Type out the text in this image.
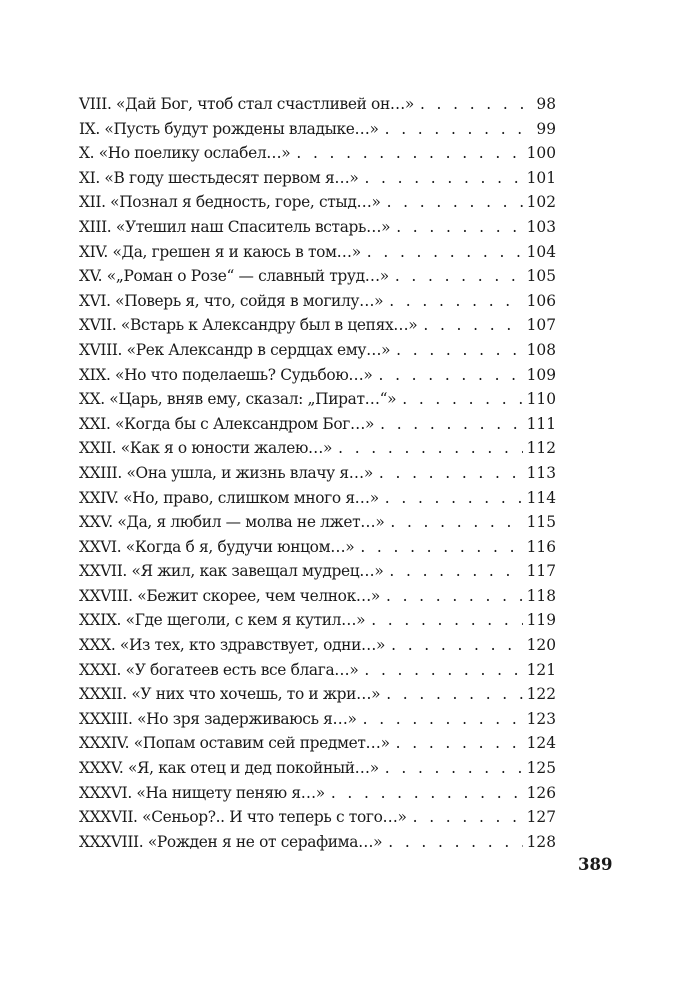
VIII. «Дай Бог, чтоб стал счастливей он…» . . .	98
IX. «Пусть будут рождены владыке…» . . .	99
X. «Но поелику ослабел…» . . .	100
XI. «В году шестьдесят первом я…» . . .	101
XII. «Познал я бедность, горе, стыд…» . . .	102
XIII. «Утешил наш Спаситель встарь…» . . .	103
XIV. «Да, грешен я и каюсь в том…» . . .	104
XV. «„Роман о Розе“ — славный труд…» . . .	105
XVI. «Поверь я, что, сойдя в могилу…» . . .	106
XVII. «Встарь к Александру был в цепях…» . . .	107
XVIII. «Рек Александр в сердцах ему…» . . .	108
XIX. «Но что поделаешь? Судьбою…» . . .	109
XX. «Царь, вняв ему, сказал: „Пират…“» . . .	110
XXI. «Когда бы с Александром Бог…» . . .	111
XXII. «Как я о юности жалею…» . . .	112
XXIII. «Она ушла, и жизнь влачу я…» . . .	113
XXIV. «Но, право, слишком много я…» . . .	114
XXV. «Да, я любил — молва не лжет…» . . .	115
XXVI. «Когда б я, будучи юнцом…» . . .	116
XXVII. «Я жил, как завещал мудрец…» . . .	117
XXVIII. «Бежит скорее, чем челнок…» . . .	118
XXIX. «Где щеголи, с кем я кутил…» . . .	119
XXX. «Из тех, кто здравствует, одни…» . . .	120
XXXI. «У богатеев есть все блага…» . . .	121
XXXII. «У них что хочешь, то и жри…» . . .	122
XXXIII. «Но зря задерживаюсь я…» . . .	123
XXXIV. «Попам оставим сей предмет…» . . .	124
XXXV. «Я, как отец и дед покойный…» . . .	125
XXXVI. «На нищету пеняю я…» . . .	126
XXXVII. «Сеньор?.. И что теперь с того…» . . .	127
XXXVIII. «Рожден я не от серафима…» . . .	128
389
